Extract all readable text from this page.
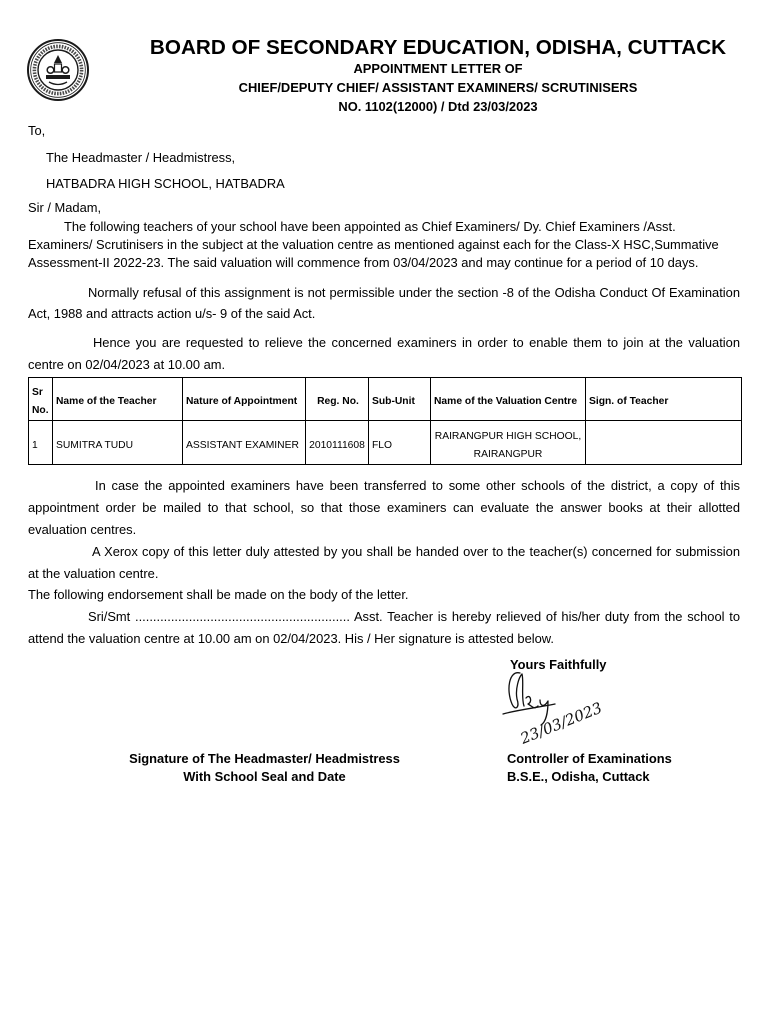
BOARD OF SECONDARY EDUCATION, ODISHA, CUTTACK
APPOINTMENT LETTER OF
CHIEF/DEPUTY CHIEF/ ASSISTANT EXAMINERS/ SCRUTINISERS
NO. 1102(12000) / Dtd 23/03/2023
To,
The Headmaster / Headmistress,
HATBADRA HIGH SCHOOL, HATBADRA
Sir / Madam,
The following teachers of your school have been appointed as Chief Examiners/ Dy. Chief Examiners /Asst.
Examiners/ Scrutinisers in the subject at the valuation centre as mentioned against each for the Class-X HSC,Summative
Assessment-II 2022-23. The said valuation will commence from 03/04/2023 and may continue for a period of 10 days.
Normally refusal of this assignment is not permissible under the section -8 of the Odisha Conduct Of Examination
Act, 1988 and attracts action u/s- 9 of the said Act.
Hence you are requested to relieve the concerned examiners in order to enable them to join at the valuation
centre on 02/04/2023 at 10.00 am.
Sr No.	Name of the Teacher	Nature of Appointment	Reg. No.	Sub-Unit	Name of the Valuation Centre	Sign. of Teacher
1	SUMITRA TUDU	ASSISTANT EXAMINER	2010111608	FLO	RAIRANGPUR HIGH SCHOOL, RAIRANGPUR	
In case the appointed examiners have been transferred to some other schools of the district, a copy of this
appointment order be mailed to that school, so that those examiners can evaluate the answer books at their allotted
evaluation centres.
A Xerox copy of this letter duly attested by you shall be handed over to the teacher(s) concerned for submission
at the valuation centre.
The following endorsement shall be made on the body of the letter.
Sri/Smt ............................................................ Asst. Teacher is hereby relieved of his/her duty from the school to
attend the valuation centre at 10.00 am on 02/04/2023. His / Her signature is attested below.
Yours Faithfully
23/03/2023
Signature of The Headmaster/ Headmistress
With School Seal and Date
Controller of Examinations
B.S.E., Odisha, Cuttack
